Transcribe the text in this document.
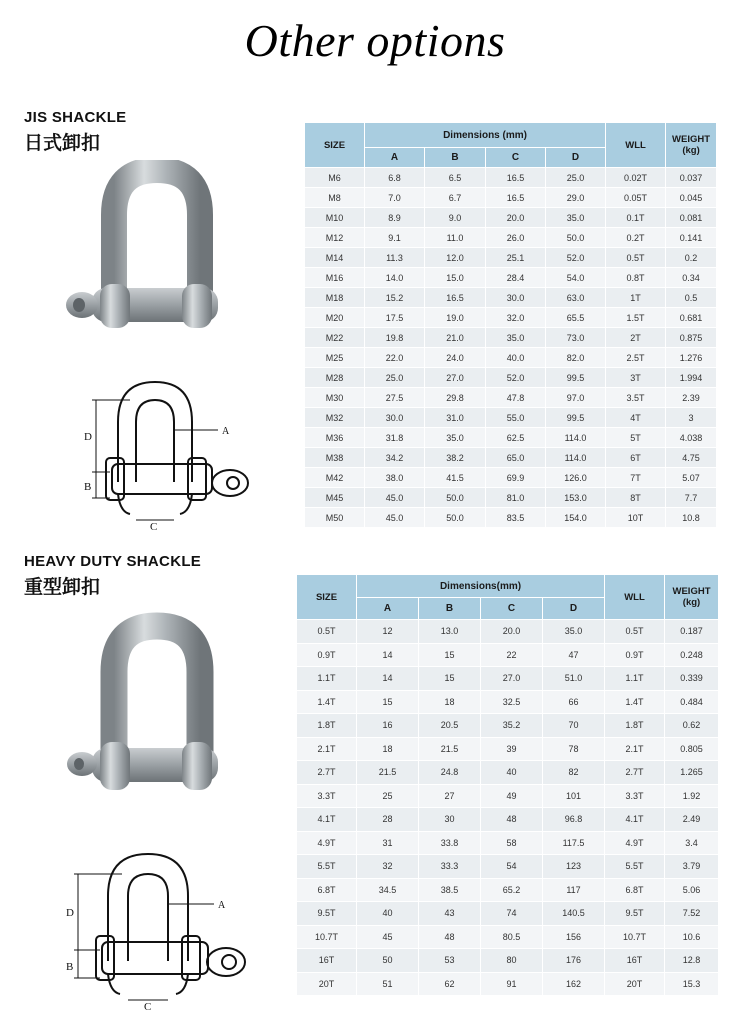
Other options
JIS SHACKLE
日式卸扣
D
B
A
C
SIZE	Dimensions (mm)				WLL	WEIGHT
(kg)

	A	B	C	D		
M6	6.8	6.5	16.5	25.0	0.02T	0.037
M8	7.0	6.7	16.5	29.0	0.05T	0.045
M10	8.9	9.0	20.0	35.0	0.1T	0.081
M12	9.1	11.0	26.0	50.0	0.2T	0.141
M14	11.3	12.0	25.1	52.0	0.5T	0.2
M16	14.0	15.0	28.4	54.0	0.8T	0.34
M18	15.2	16.5	30.0	63.0	1T	0.5
M20	17.5	19.0	32.0	65.5	1.5T	0.681
M22	19.8	21.0	35.0	73.0	2T	0.875
M25	22.0	24.0	40.0	82.0	2.5T	1.276
M28	25.0	27.0	52.0	99.5	3T	1.994
M30	27.5	29.8	47.8	97.0	3.5T	2.39
M32	30.0	31.0	55.0	99.5	4T	3
M36	31.8	35.0	62.5	114.0	5T	4.038
M38	34.2	38.2	65.0	114.0	6T	4.75
M42	38.0	41.5	69.9	126.0	7T	5.07
M45	45.0	50.0	81.0	153.0	8T	7.7
M50	45.0	50.0	83.5	154.0	10T	10.8
HEAVY DUTY SHACKLE
重型卸扣
D
B
A
C
SIZE	Dimensions(mm)				WLL	WEIGHT
(kg)

	A	B	C	D		
0.5T	12	13.0	20.0	35.0	0.5T	0.187
0.9T	14	15	22	47	0.9T	0.248
1.1T	14	15	27.0	51.0	1.1T	0.339
1.4T	15	18	32.5	66	1.4T	0.484
1.8T	16	20.5	35.2	70	1.8T	0.62
2.1T	18	21.5	39	78	2.1T	0.805
2.7T	21.5	24.8	40	82	2.7T	1.265
3.3T	25	27	49	101	3.3T	1.92
4.1T	28	30	48	96.8	4.1T	2.49
4.9T	31	33.8	58	117.5	4.9T	3.4
5.5T	32	33.3	54	123	5.5T	3.79
6.8T	34.5	38.5	65.2	117	6.8T	5.06
9.5T	40	43	74	140.5	9.5T	7.52
10.7T	45	48	80.5	156	10.7T	10.6
16T	50	53	80	176	16T	12.8
20T	51	62	91	162	20T	15.3
